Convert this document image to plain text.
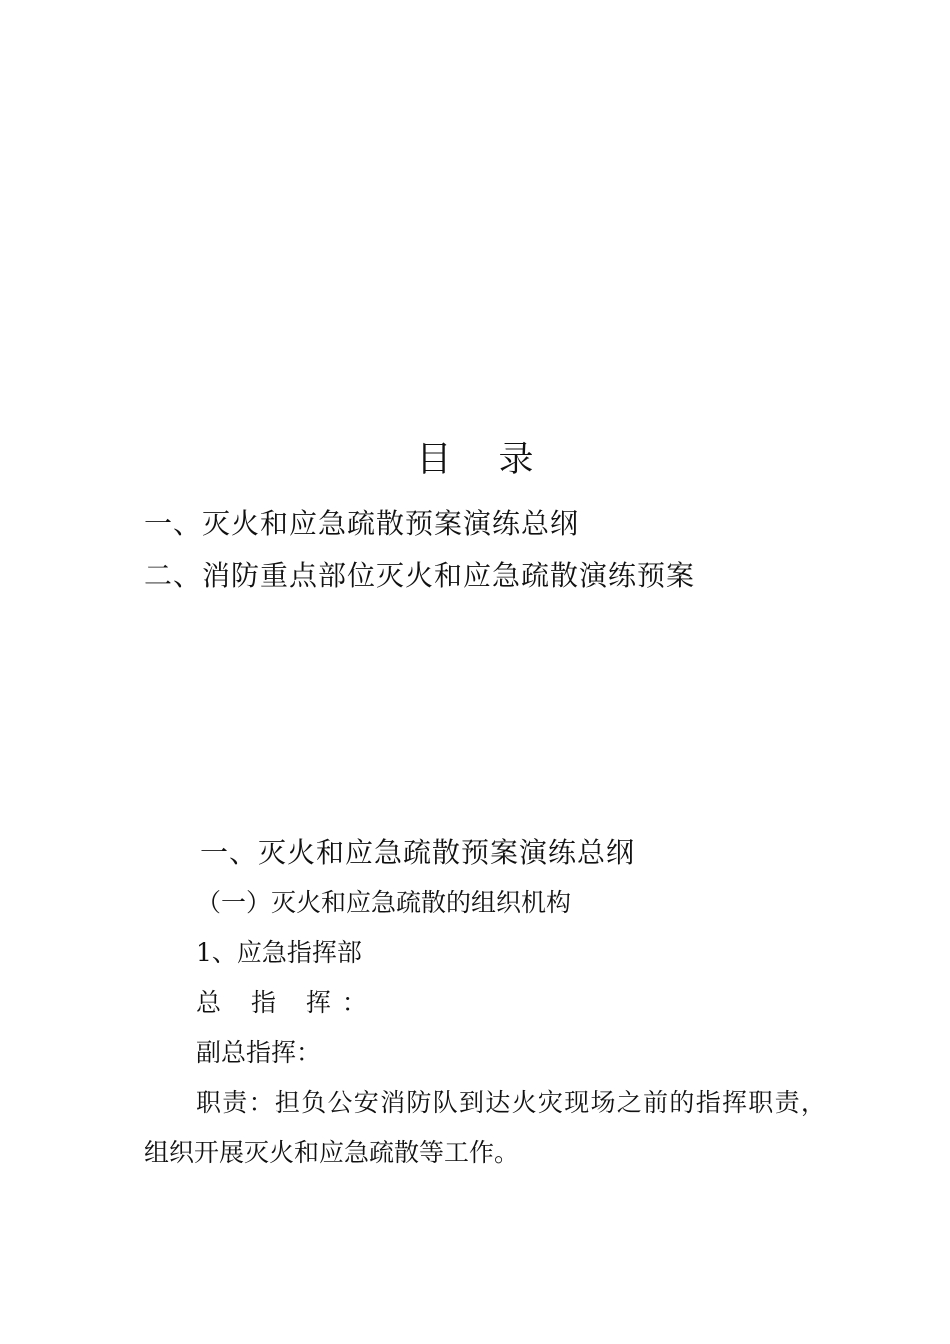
目 录
一、灭火和应急疏散预案演练总纲
二、消防重点部位灭火和应急疏散演练预案
一、灭火和应急疏散预案演练总纲
（一）灭火和应急疏散的组织机构
1、应急指挥部
总 指 挥：
副总指挥：
职责：担负公安消防队到达火灾现场之前的指挥职责，
组织开展灭火和应急疏散等工作。
